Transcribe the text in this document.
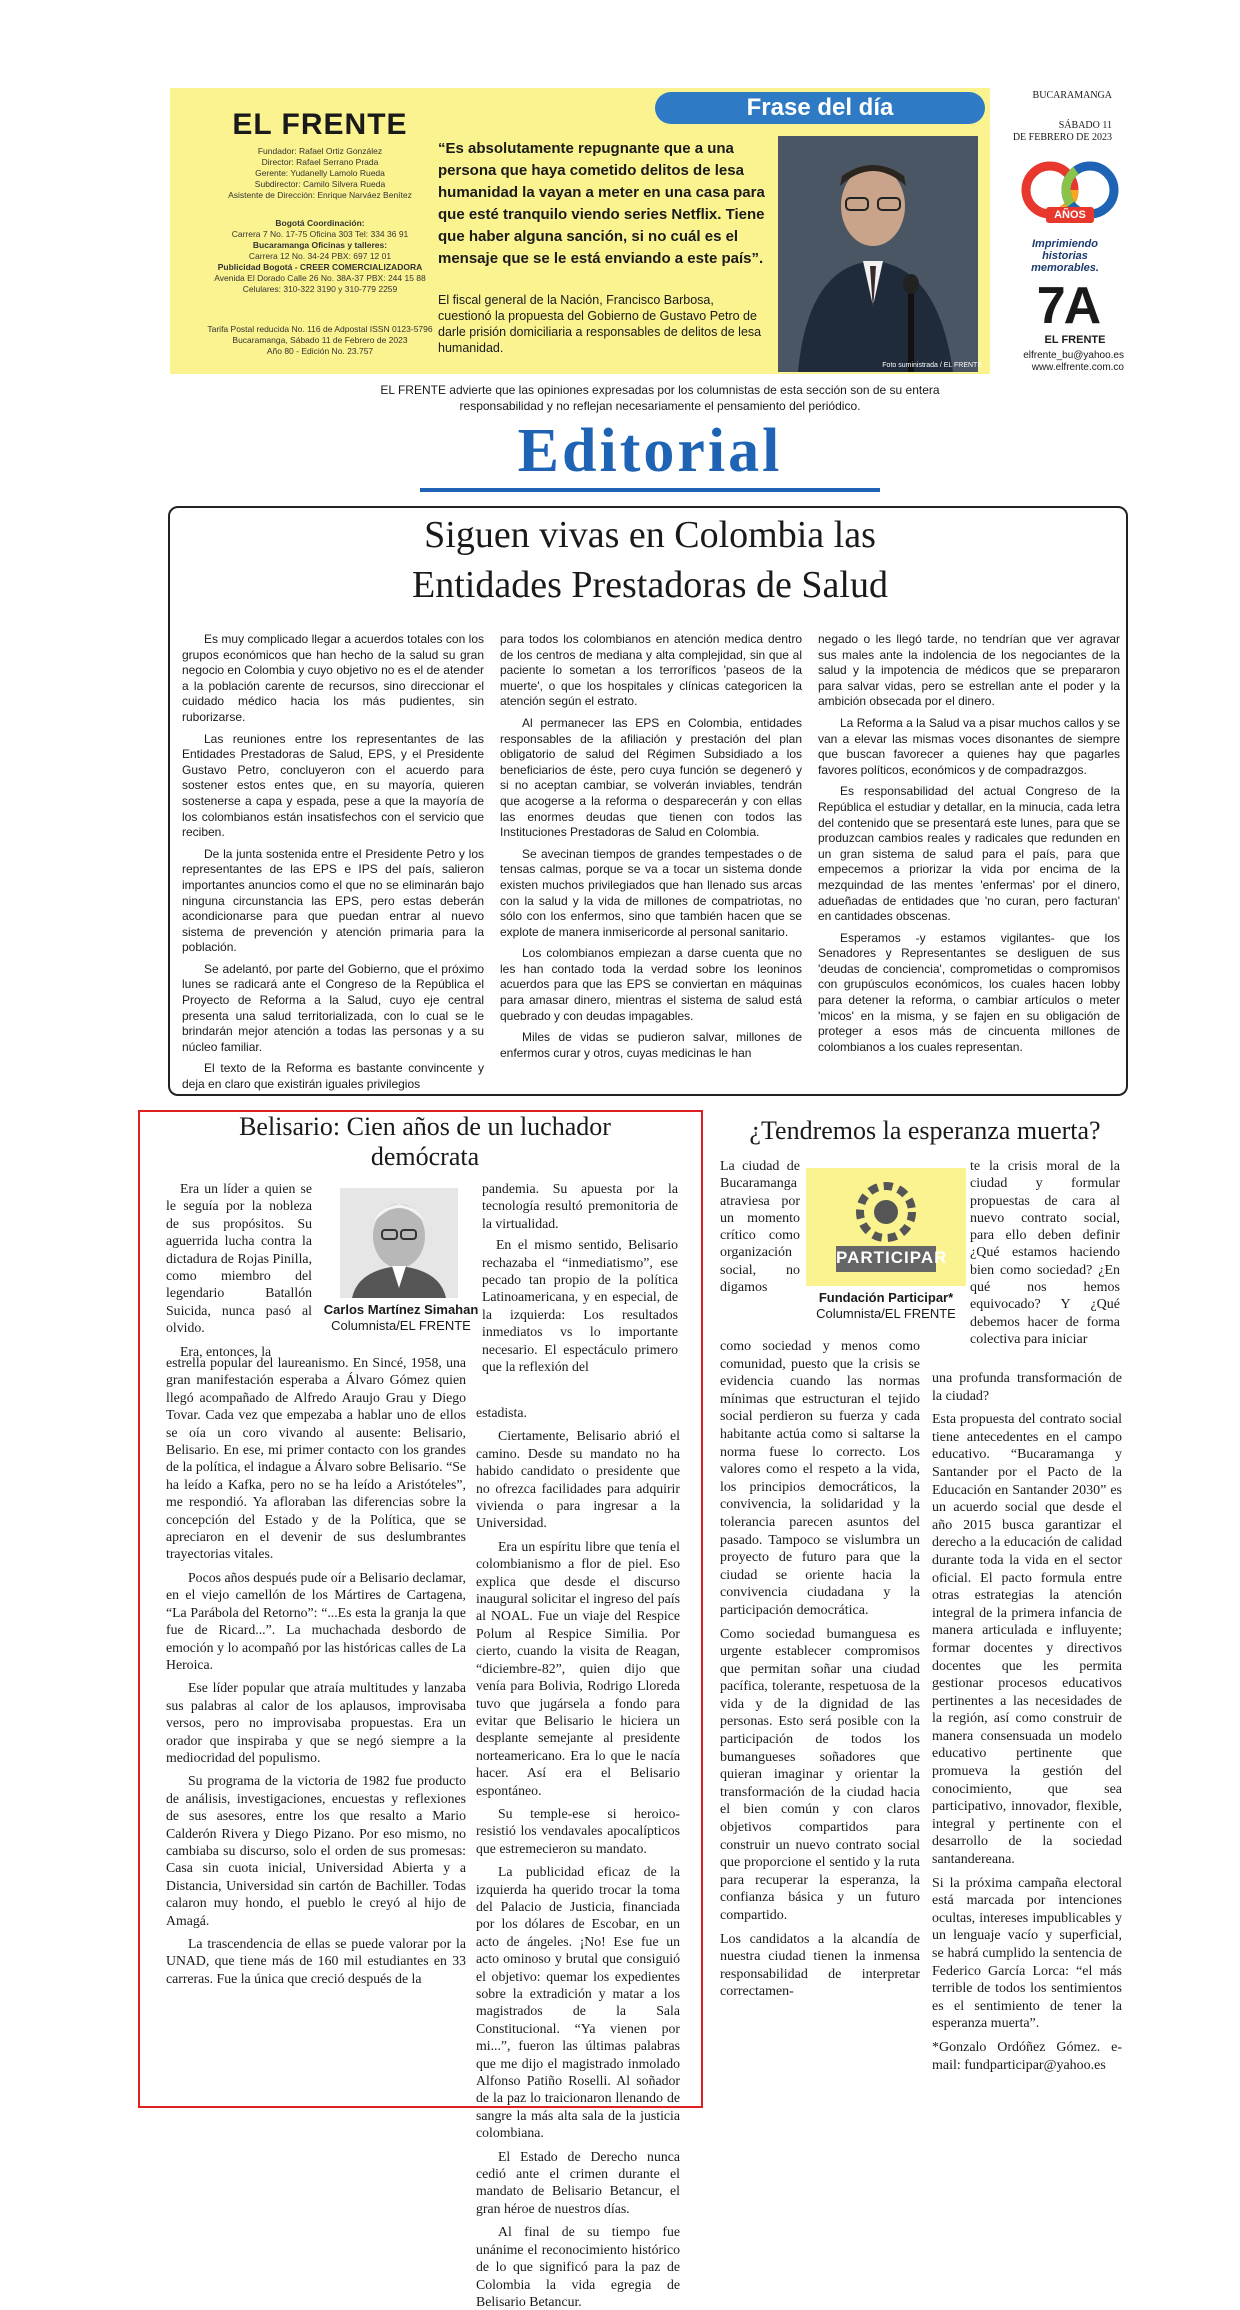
Frase del día
EL FRENTE
Fundador: Rafael Ortiz González
Director: Rafael Serrano Prada
Gerente: Yudanelly Lamolo Rueda
Subdirector: Camilo Silvera Rueda
Asistente de Dirección: Enrique Narváez Benítez
Bogotá Coordinación:
Carrera 7 No. 17-75 Oficina 303 Tel: 334 36 91
Bucaramanga Oficinas y talleres:
Carrera 12 No. 34-24 PBX: 697 12 01
Publicidad Bogotá - CREER COMERCIALIZADORA
Avenida El Dorado Calle 26 No. 38A-37 PBX: 244 15 88
Celulares: 310-322 3190 y 310-779 2259
Tarifa Postal reducida No. 116 de Adpostal ISSN 0123-5796
Bucaramanga, Sábado 11 de Febrero de 2023
Año 80 - Edición No. 23.757
“Es absolutamente repugnante que a una persona que haya cometido delitos de lesa humanidad la vayan a meter en una casa para que esté tranquilo viendo series Netflix. Tiene que haber alguna sanción, si no cuál es el mensaje que se le está enviando a este país”.
El fiscal general de la Nación, Francisco Barbosa, cuestionó la propuesta del Gobierno de Gustavo Petro de darle prisión domiciliaria a responsables de delitos de lesa humanidad.
Foto suministrada / EL FRENTE
BUCARAMANGA
SÁBADO 11
DE FEBRERO DE 2023
AÑOS
Imprimiendo historias
memorables.
7A
EL FRENTE
elfrente_bu@yahoo.es
www.elfrente.com.co
EL FRENTE advierte que las opiniones expresadas por los columnistas de esta sección son de su entera responsabilidad y no reflejan necesariamente el pensamiento del periódico.
Editorial
Siguen vivas en Colombia las
Entidades Prestadoras de Salud

Es muy complicado llegar a acuerdos totales con los grupos económicos que han hecho de la salud su gran negocio en Colombia y cuyo objetivo no es el de atender a la población carente de recursos, sino direccionar el cuidado médico hacia los más pudientes, sin ruborizarse.

Las reuniones entre los representantes de las Entidades Prestadoras de Salud, EPS, y el Presidente Gustavo Petro, concluyeron con el acuerdo para sostener estos entes que, en su mayoría, quieren sostenerse a capa y espada, pese a que la mayoría de los colombianos están insatisfechos con el servicio que reciben.

De la junta sostenida entre el Presidente Petro y los representantes de las EPS e IPS del país, salieron importantes anuncios como el que no se eliminarán bajo ninguna circunstancia las EPS, pero estas deberán acondicionarse para que puedan entrar al nuevo sistema de prevención y atención primaria para la población.

Se adelantó, por parte del Gobierno, que el próximo lunes se radicará ante el Congreso de la República el Proyecto de Reforma a la Salud, cuyo eje central presenta una salud territorializada, con lo cual se le brindarán mejor atención a todas las personas y a su núcleo familiar.

El texto de la Reforma es bastante convincente y deja en claro que existirán iguales privilegios

para todos los colombianos en atención medica dentro de los centros de mediana y alta complejidad, sin que al paciente lo sometan a los terroríficos 'paseos de la muerte', o que los hospitales y clínicas categoricen la atención según el estrato.

Al permanecer las EPS en Colombia, entidades responsables de la afiliación y prestación del plan obligatorio de salud del Régimen Subsidiado a los beneficiarios de éste, pero cuya función se degeneró y si no aceptan cambiar, se volverán inviables, tendrán que acogerse a la reforma o desparecerán y con ellas las enormes deudas que tienen con todos las Instituciones Prestadoras de Salud en Colombia.

Se avecinan tiempos de grandes tempestades o de tensas calmas, porque se va a tocar un sistema donde existen muchos privilegiados que han llenado sus arcas con la salud y la vida de millones de compatriotas, no sólo con los enfermos, sino que también hacen que se explote de manera inmisericorde al personal sanitario.

Los colombianos empiezan a darse cuenta que no les han contado toda la verdad sobre los leoninos acuerdos para que las EPS se conviertan en máquinas para amasar dinero, mientras el sistema de salud está quebrado y con deudas impagables.

Miles de vidas se pudieron salvar, millones de enfermos curar y otros, cuyas medicinas le han

negado o les llegó tarde, no tendrían que ver agravar sus males ante la indolencia de los negociantes de la salud y la impotencia de médicos que se prepararon para salvar vidas, pero se estrellan ante el poder y la ambición obsecada por el dinero.

La Reforma a la Salud va a pisar muchos callos y se van a elevar las mismas voces disonantes de siempre que buscan favorecer a quienes hay que pagarles favores políticos, económicos y de compadrazgos.

Es responsabilidad del actual Congreso de la República el estudiar y detallar, en la minucia, cada letra del contenido que se presentará este lunes, para que se produzcan cambios reales y radicales que redunden en un gran sistema de salud para el país, para que empecemos a priorizar la vida por encima de la mezquindad de las mentes 'enfermas' por el dinero, adueñadas de entidades que 'no curan, pero facturan' en cantidades obscenas.

Esperamos -y estamos vigilantes- que los Senadores y Representantes se desliguen de sus 'deudas de conciencia', comprometidas o compromisos con grupúsculos económicos, los cuales hacen lobby para detener la reforma, o cambiar artículos o meter 'micos' en la misma, y se fajen en su obligación de proteger a esos más de cincuenta millones de colombianos a los cuales representan.

Belisario: Cien años de un luchador
demócrata
Carlos Martínez Simahan
Columnista/EL FRENTE

Era un líder a quien se le seguía por la nobleza de sus propósitos. Su aguerrida lucha contra la dictadura de Rojas Pinilla, como miembro del legendario Batallón Suicida, nunca pasó al olvido.

Era, entonces, la

estrella popular del laureanismo. En Sincé, 1958, una gran manifestación esperaba a Álvaro Gómez quien llegó acompañado de Alfredo Araujo Grau y Diego Tovar. Cada vez que empezaba a hablar uno de ellos se oía un coro vivando al ausente: Belisario, Belisario. En ese, mi primer contacto con los grandes de la política, el indague a Álvaro sobre Belisario. “Se ha leído a Kafka, pero no se ha leído a Aristóteles”, me respondió. Ya afloraban las diferencias sobre la concepción del Estado y de la Política, que se apreciaron en el devenir de sus deslumbrantes trayectorias vitales.

Pocos años después pude oír a Belisario declamar, en el viejo camellón de los Mártires de Cartagena, “La Parábola del Retorno”: “...Es esta la granja la que fue de Ricard...”. La muchachada desbordo de emoción y lo acompañó por las históricas calles de La Heroica.

Ese líder popular que atraía multitudes y lanzaba sus palabras al calor de los aplausos, improvisaba versos, pero no improvisaba propuestas. Era un orador que inspiraba y que se negó siempre a la mediocridad del populismo.

Su programa de la victoria de 1982 fue producto de análisis, investigaciones, encuestas y reflexiones de sus asesores, entre los que resalto a Mario Calderón Rivera y Diego Pizano. Por eso mismo, no cambiaba su discurso, solo el orden de sus promesas: Casa sin cuota inicial, Universidad Abierta y a Distancia, Universidad sin cartón de Bachiller. Todas calaron muy hondo, el pueblo le creyó al hijo de Amagá.

La trascendencia de ellas se puede valorar por la UNAD, que tiene más de 160 mil estudiantes en 33 carreras. Fue la única que creció después de la

pandemia. Su apuesta por la tecnología resultó premonitoria de la virtualidad.

En el mismo sentido, Belisario rechazaba el “inmediatismo”, ese pecado tan propio de la política Latinoamericana, y en especial, de la izquierda: Los resultados inmediatos vs lo importante necesario. El espectáculo primero que la reflexión del

estadista.

Ciertamente, Belisario abrió el camino. Desde su mandato no ha habido candidato o presidente que no ofrezca facilidades para adquirir vivienda o para ingresar a la Universidad.

Era un espíritu libre que tenía el colombianismo a flor de piel. Eso explica que desde el discurso inaugural solicitar el ingreso del país al NOAL. Fue un viaje del Respice Polum al Respice Similia. Por cierto, cuando la visita de Reagan, “diciembre-82”, quien dijo que venía para Bolivia, Rodrigo Lloreda tuvo que jugársela a fondo para evitar que Belisario le hiciera un desplante semejante al presidente norteamericano. Era lo que le nacía hacer. Así era el Belisario espontáneo.

Su temple-ese si heroico- resistió los vendavales apocalípticos que estremecieron su mandato.

La publicidad eficaz de la izquierda ha querido trocar la toma del Palacio de Justicia, financiada por los dólares de Escobar, en un acto de ángeles. ¡No! Ese fue un acto ominoso y brutal que consiguió el objetivo: quemar los expedientes sobre la extradición y matar a los magistrados de la Sala Constitucional. “Ya vienen por mi...”, fueron las últimas palabras que me dijo el magistrado inmolado Alfonso Patiño Roselli. Al soñador de la paz lo traicionaron llenando de sangre la más alta sala de la justicia colombiana.

El Estado de Derecho nunca cedió ante el crimen durante el mandato de Belisario Betancur, el gran héroe de nuestros días.

Al final de su tiempo fue unánime el reconocimiento histórico de lo que significó para la paz de Colombia la vida egregia de Belisario Betancur.

¿Tendremos la esperanza muerta?
PARTICIPAR
Fundación Participar*
Columnista/EL FRENTE
La ciudad de Bucaramanga atraviesa por un momento crítico como organización social, no digamos

como sociedad y menos como comunidad, puesto que la crisis se evidencia cuando las normas mínimas que estructuran el tejido social perdieron su fuerza y cada habitante actúa como si saltarse la norma fuese lo correcto. Los valores como el respeto a la vida, los principios democráticos, la convivencia, la solidaridad y la tolerancia parecen asuntos del pasado. Tampoco se vislumbra un proyecto de futuro para que la ciudad se oriente hacia la convivencia ciudadana y la participación democrática.

Como sociedad bumanguesa es urgente establecer compromisos que permitan soñar una ciudad pacífica, tolerante, respetuosa de la vida y de la dignidad de las personas. Esto será posible con la participación de todos los bumangueses soñadores que quieran imaginar y orientar la transformación de la ciudad hacia el bien común y con claros objetivos compartidos para construir un nuevo contrato social que proporcione el sentido y la ruta para recuperar la esperanza, la confianza básica y un futuro compartido.

Los candidatos a la alcandía de nuestra ciudad tienen la inmensa responsabilidad de interpretar correctamen-

te la crisis moral de la ciudad y formular propuestas de cara al nuevo contrato social, para ello deben definir ¿Qué estamos haciendo bien como sociedad? ¿En qué nos hemos equivocado? Y ¿Qué debemos hacer de forma colectiva para iniciar

una profunda transformación de la ciudad?

Esta propuesta del contrato social tiene antecedentes en el campo educativo. “Bucaramanga y Santander por el Pacto de la Educación en Santander 2030” es un acuerdo social que desde el año 2015 busca garantizar el derecho a la educación de calidad durante toda la vida en el sector oficial. El pacto formula entre otras estrategias la atención integral de la primera infancia de manera articulada e influyente; formar docentes y directivos docentes que les permita gestionar procesos educativos pertinentes a las necesidades de la región, así como construir de manera consensuada un modelo educativo pertinente que promueva la gestión del conocimiento, que sea participativo, innovador, flexible, integral y pertinente con el desarrollo de la sociedad santandereana.

Si la próxima campaña electoral está marcada por intenciones ocultas, intereses impublicables y un lenguaje vacío y superficial, se habrá cumplido la sentencia de Federico García Lorca: “el más terrible de todos los sentimientos es el sentimiento de tener la esperanza muerta”.

*Gonzalo Ordóñez Gómez. e-mail: fundparticipar@yahoo.es
